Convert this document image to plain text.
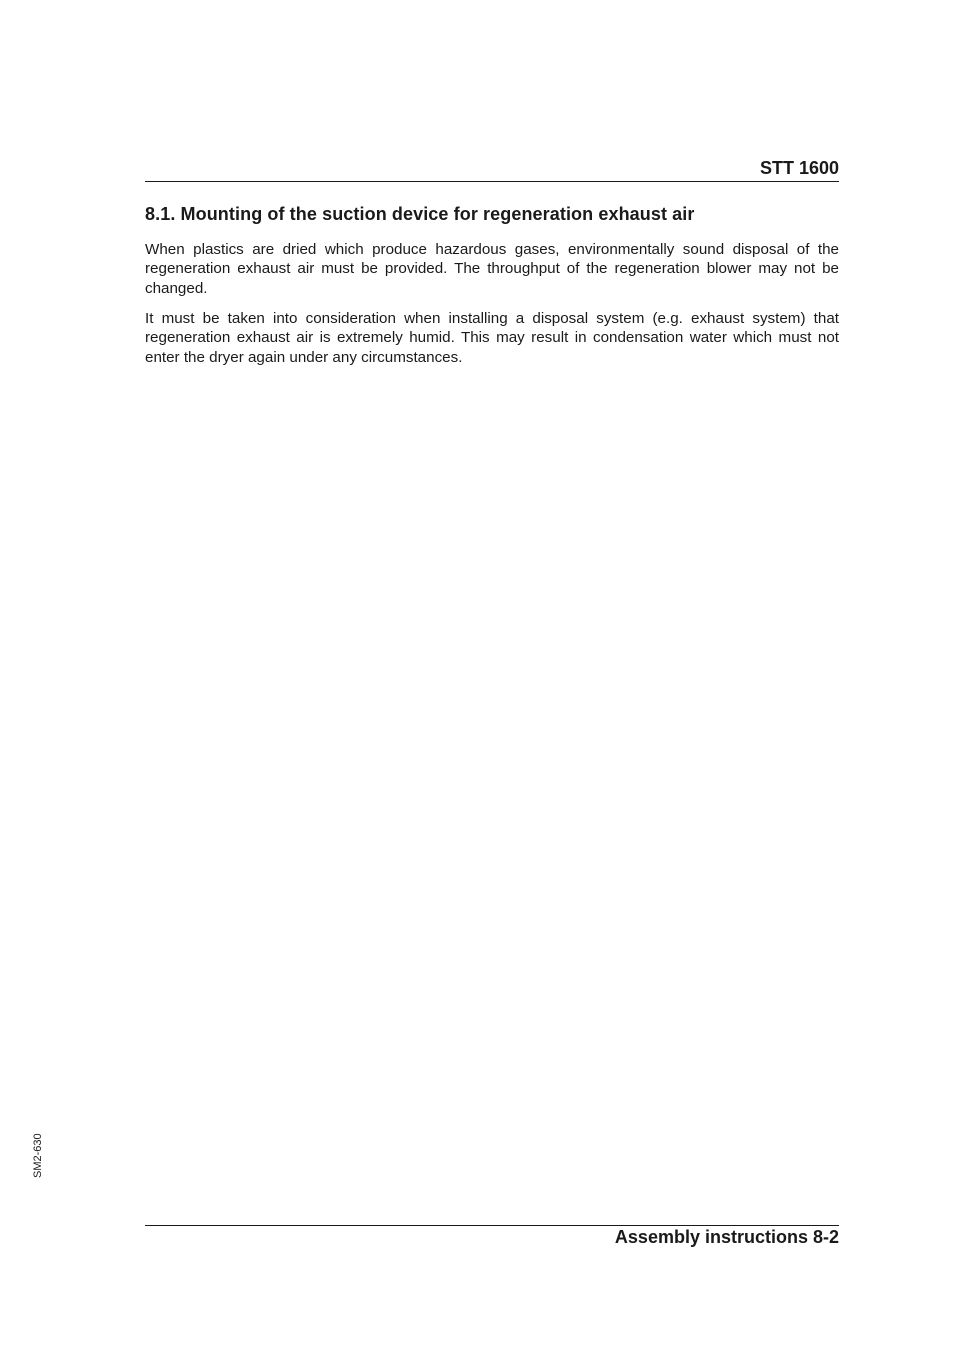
STT 1600
8.1. Mounting of the suction device for regeneration exhaust air

When plastics are dried which produce hazardous gases, environmentally sound disposal of the regeneration exhaust air must be provided. The throughput of the regeneration blower may not be changed.

It must be taken into consideration when installing a disposal system (e.g. exhaust system) that regeneration exhaust air is extremely humid. This may result in condensation water which must not enter the dryer again under any circumstances.

SM2-630
Assembly instructions 8-2
